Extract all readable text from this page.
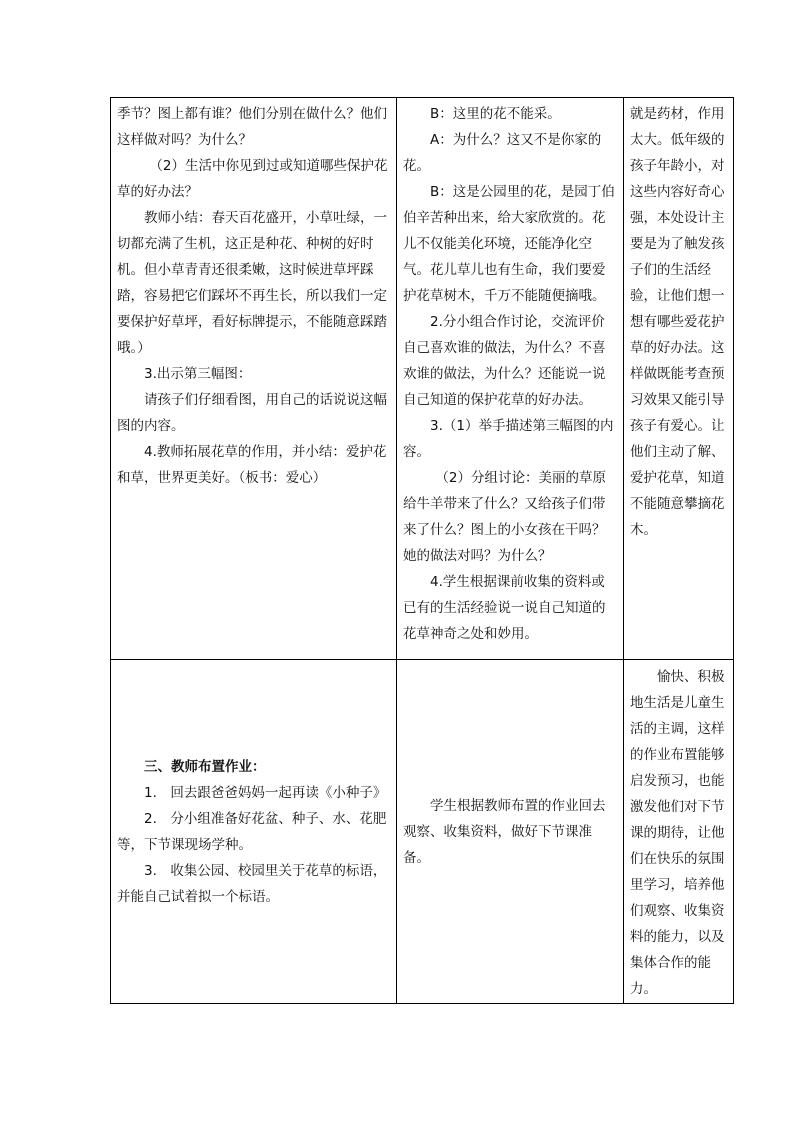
季节？图上都有谁？他们分别在做什么？他们这样做对吗？为什么？

（2）生活中你见到过或知道哪些保护花草的好办法？

教师小结：春天百花盛开，小草吐绿，一切都充满了生机，这正是种花、种树的好时机。但小草青青还很柔嫩，这时候进草坪踩踏，容易把它们踩坏不再生长，所以我们一定要保护好草坪，看好标牌提示，不能随意踩踏哦。）

3.出示第三幅图：

请孩子们仔细看图，用自己的话说说这幅图的内容。

4.教师拓展花草的作用，并小结：爱护花和草，世界更美好。（板书：爱心）

B：这里的花不能采。

A：为什么？这又不是你家的花。

B：这是公园里的花，是园丁伯伯辛苦种出来，给大家欣赏的。花儿不仅能美化环境，还能净化空气。花儿草儿也有生命，我们要爱护花草树木，千万不能随便摘哦。

2.分小组合作讨论，交流评价自己喜欢谁的做法，为什么？不喜欢谁的做法，为什么？还能说一说自己知道的保护花草的好办法。

3.（1）举手描述第三幅图的内容。

（2）分组讨论：美丽的草原给牛羊带来了什么？又给孩子们带来了什么？图上的小女孩在干吗？她的做法对吗？为什么？

4.学生根据课前收集的资料或已有的生活经验说一说自己知道的花草神奇之处和妙用。

就是药材，作用太大。低年级的孩子年龄小，对这些内容好奇心强，本处设计主要是为了触发孩子们的生活经验，让他们想一想有哪些爱花护草的好办法。这样做既能考查预习效果又能引导孩子有爱心。让他们主动了解、爱护花草，知道不能随意攀摘花木。

三、教师布置作业：

1.　回去跟爸爸妈妈一起再读《小种子》

2.　分小组准备好花盆、种子、水、花肥等，下节课现场学种。

3.　收集公园、校园里关于花草的标语，并能自己试着拟一个标语。

学生根据教师布置的作业回去观察、收集资料，做好下节课准备。

愉快、积极地生活是儿童生活的主调，这样的作业布置能够启发预习，也能激发他们对下节课的期待，让他们在快乐的氛围里学习，培养他们观察、收集资料的能力，以及集体合作的能力。
